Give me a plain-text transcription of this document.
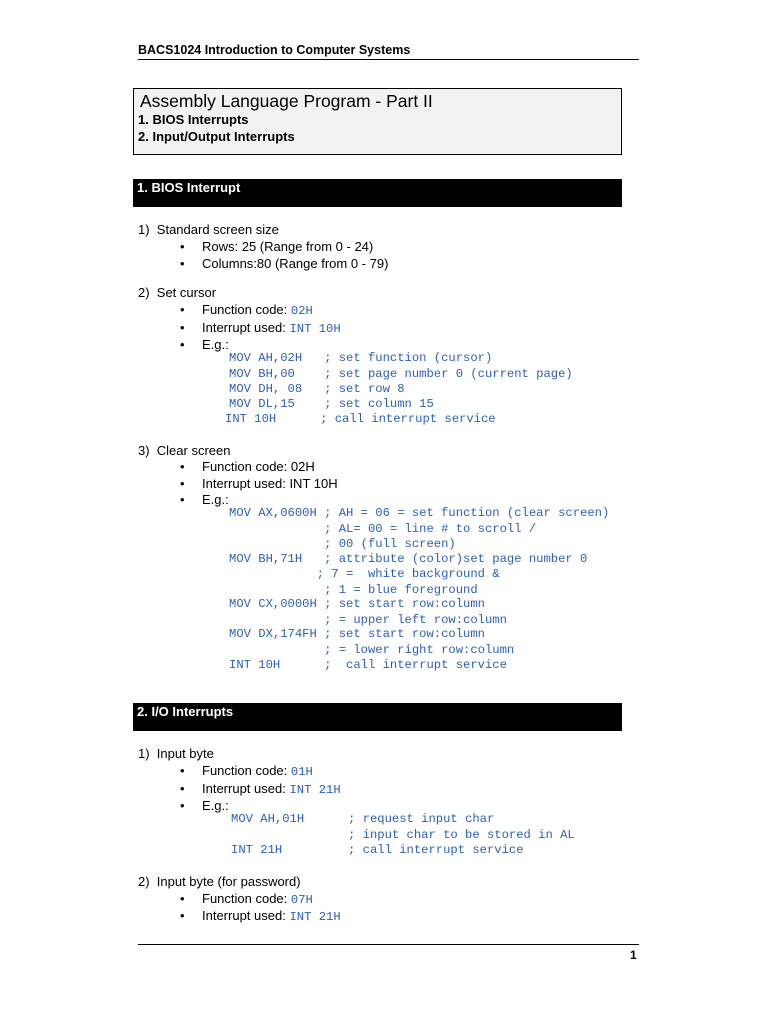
BACS1024 Introduction to Computer Systems
Assembly Language Program - Part II
1. BIOS Interrupts
2. Input/Output Interrupts
1. BIOS Interrupt
1)  Standard screen size
• Rows: 25 (Range from 0 - 24)
• Columns:80 (Range from 0 - 79)
2)  Set cursor
• Function code: 02H
• Interrupt used: INT 10H
• E.g.:
MOV AH,02H   ; set function (cursor)
MOV BH,00    ; set page number 0 (current page)
MOV DH, 08   ; set row 8
MOV DL,15    ; set column 15
INT 10H      ; call interrupt service
3)  Clear screen
• Function code: 02H
• Interrupt used: INT 10H
• E.g.:
MOV AX,0600H ; AH = 06 = set function (clear screen)
; AL= 00 = line # to scroll /
; 00 (full screen)
MOV BH,71H   ; attribute (color)set page number 0
; 7 =  white background &
; 1 = blue foreground
MOV CX,0000H ; set start row:column
; = upper left row:column
MOV DX,174FH ; set start row:column
; = lower right row:column
INT 10H      ;  call interrupt service
2. I/O Interrupts
1)  Input byte
• Function code: 01H
• Interrupt used: INT 21H
• E.g.:
MOV AH,01H      ; request input char
; input char to be stored in AL
INT 21H         ; call interrupt service
2)  Input byte (for password)
• Function code: 07H
• Interrupt used: INT 21H
1
